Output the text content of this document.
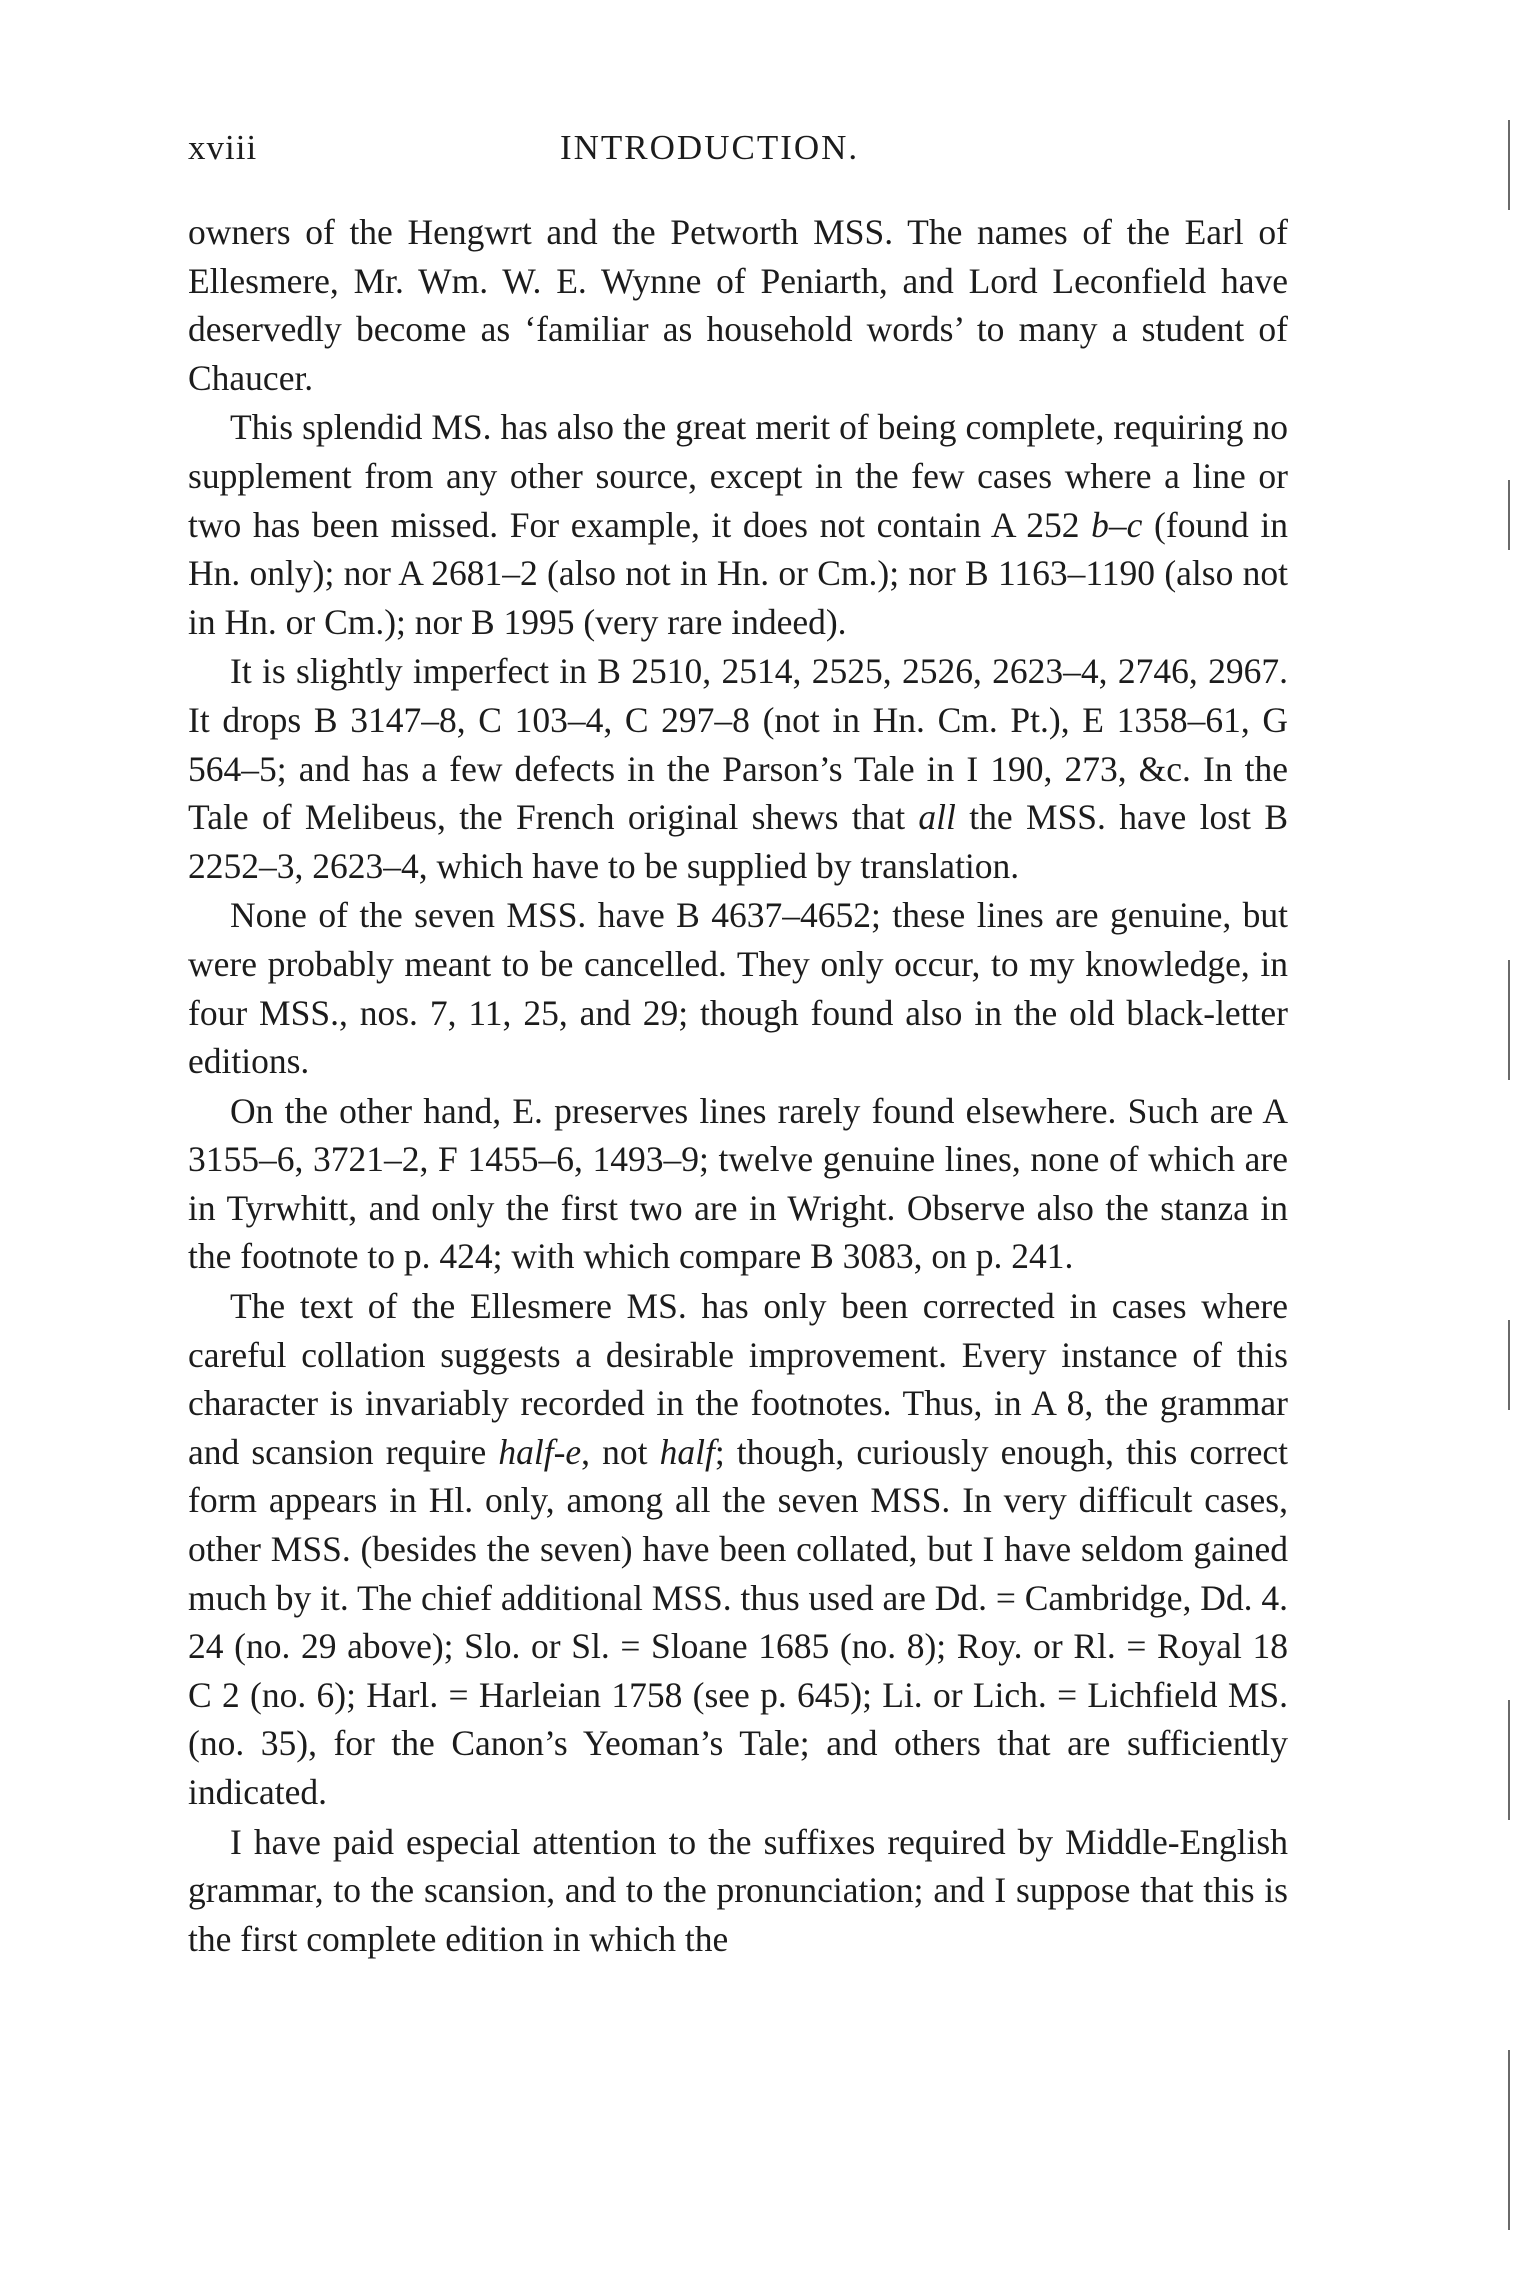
xviii	INTRODUCTION.

owners of the Hengwrt and the Petworth MSS. The names of the Earl of Ellesmere, Mr. Wm. W. E. Wynne of Peniarth, and Lord Leconfield have deservedly become as ‘familiar as household words’ to many a student of Chaucer.

This splendid MS. has also the great merit of being complete, requiring no supplement from any other source, except in the few cases where a line or two has been missed. For example, it does not contain A 252 b–c (found in Hn. only); nor A 2681–2 (also not in Hn. or Cm.); nor B 1163–1190 (also not in Hn. or Cm.); nor B 1995 (very rare indeed).

It is slightly imperfect in B 2510, 2514, 2525, 2526, 2623–4, 2746, 2967. It drops B 3147–8, C 103–4, C 297–8 (not in Hn. Cm. Pt.), E 1358–61, G 564–5; and has a few defects in the Parson’s Tale in I 190, 273, &c. In the Tale of Melibeus, the French original shews that all the MSS. have lost B 2252–3, 2623–4, which have to be supplied by translation.

None of the seven MSS. have B 4637–4652; these lines are genuine, but were probably meant to be cancelled. They only occur, to my knowledge, in four MSS., nos. 7, 11, 25, and 29; though found also in the old black-letter editions.

On the other hand, E. preserves lines rarely found elsewhere. Such are A 3155–6, 3721–2, F 1455–6, 1493–9; twelve genuine lines, none of which are in Tyrwhitt, and only the first two are in Wright. Observe also the stanza in the footnote to p. 424; with which compare B 3083, on p. 241.

The text of the Ellesmere MS. has only been corrected in cases where careful collation suggests a desirable improvement. Every instance of this character is invariably recorded in the footnotes. Thus, in A 8, the grammar and scansion require half-e, not half; though, curiously enough, this correct form appears in Hl. only, among all the seven MSS. In very difficult cases, other MSS. (besides the seven) have been collated, but I have seldom gained much by it. The chief additional MSS. thus used are Dd. = Cambridge, Dd. 4. 24 (no. 29 above); Slo. or Sl. = Sloane 1685 (no. 8); Roy. or Rl. = Royal 18 C 2 (no. 6); Harl. = Harleian 1758 (see p. 645); Li. or Lich. = Lichfield MS. (no. 35), for the Canon’s Yeoman’s Tale; and others that are sufficiently indicated.

I have paid especial attention to the suffixes required by Middle-English grammar, to the scansion, and to the pronunciation; and I suppose that this is the first complete edition in which the
